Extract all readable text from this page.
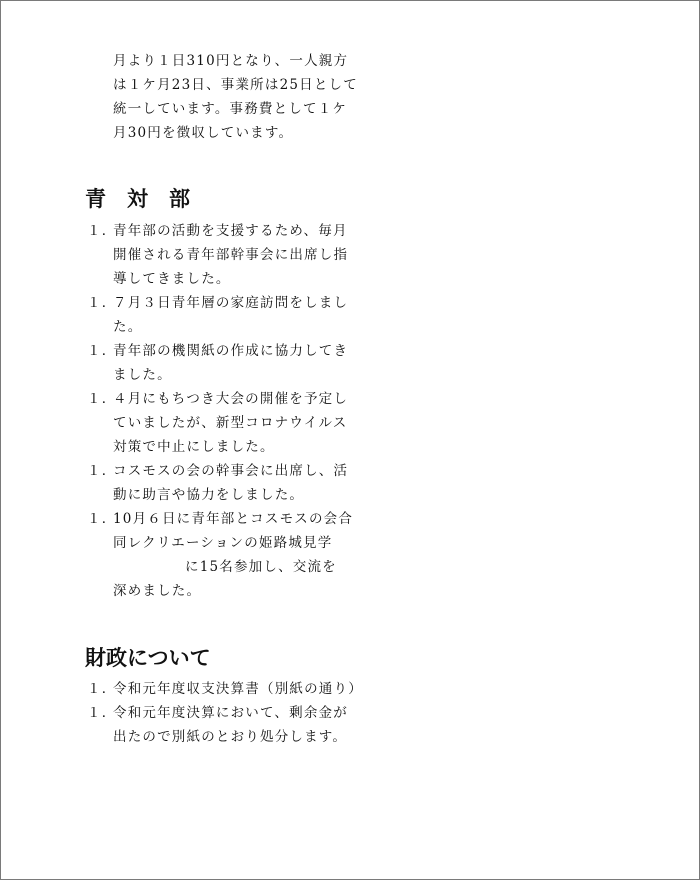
月より１日310円となり、一人親方
は１ケ月23日、事業所は25日として
統一しています。事務費として１ケ
月30円を徴収しています。
青　対　部
１．
青年部の活動を支援するため、毎月
開催される青年部幹事会に出席し指
導してきました。
１．
７月３日青年層の家庭訪問をしまし
た。
１．
青年部の機関紙の作成に協力してき
ました。
１．
４月にもちつき大会の開催を予定し
ていましたが、新型コロナウイルス
対策で中止にしました。
１．
コスモスの会の幹事会に出席し、活
動に助言や協力をしました。
１．
10月６日に青年部とコスモスの会合
同レクリエーションの姫路城見学
に15名参加し、交流を
深めました。
財政について
１．
令和元年度収支決算書（別紙の通り）
１．
令和元年度決算において、剰余金が
出たので別紙のとおり処分します。
